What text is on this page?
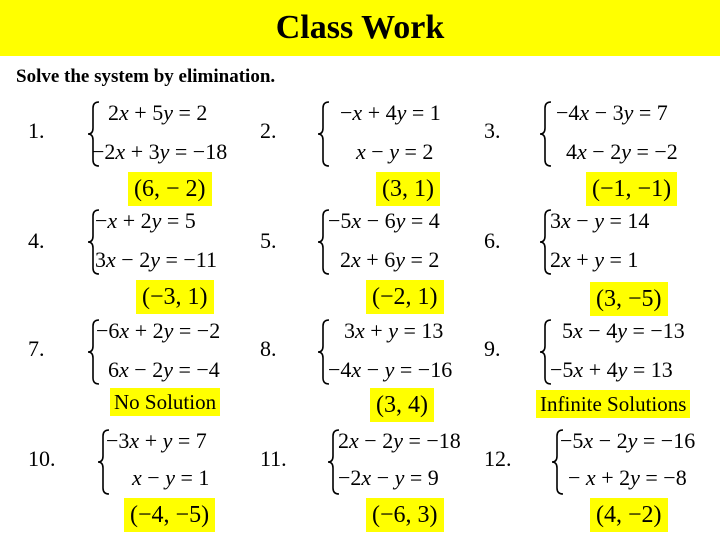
Class Work
Solve the system by elimination.
1.
2x + 5y = 2
−2x + 3y = −18
(6, − 2)
2.
−x + 4y = 1
x − y = 2
(3, 1)
3.
−4x − 3y = 7
4x − 2y = −2
(−1, −1)
4.
−x + 2y = 5
3x − 2y = −11
(−3, 1)
5.
−5x − 6y = 4
2x + 6y = 2
(−2, 1)
6.
3x − y = 14
2x + y = 1
(3, −5)
7.
−6x + 2y = −2
6x − 2y = −4
No Solution
8.
3x + y = 13
−4x − y = −16
(3, 4)
9.
5x − 4y = −13
−5x + 4y = 13
Infinite Solutions
10.
−3x + y = 7
x − y = 1
(−4, −5)
11.
2x − 2y = −18
−2x − y = 9
(−6, 3)
12.
−5x − 2y = −16
− x + 2y = −8
(4, −2)
